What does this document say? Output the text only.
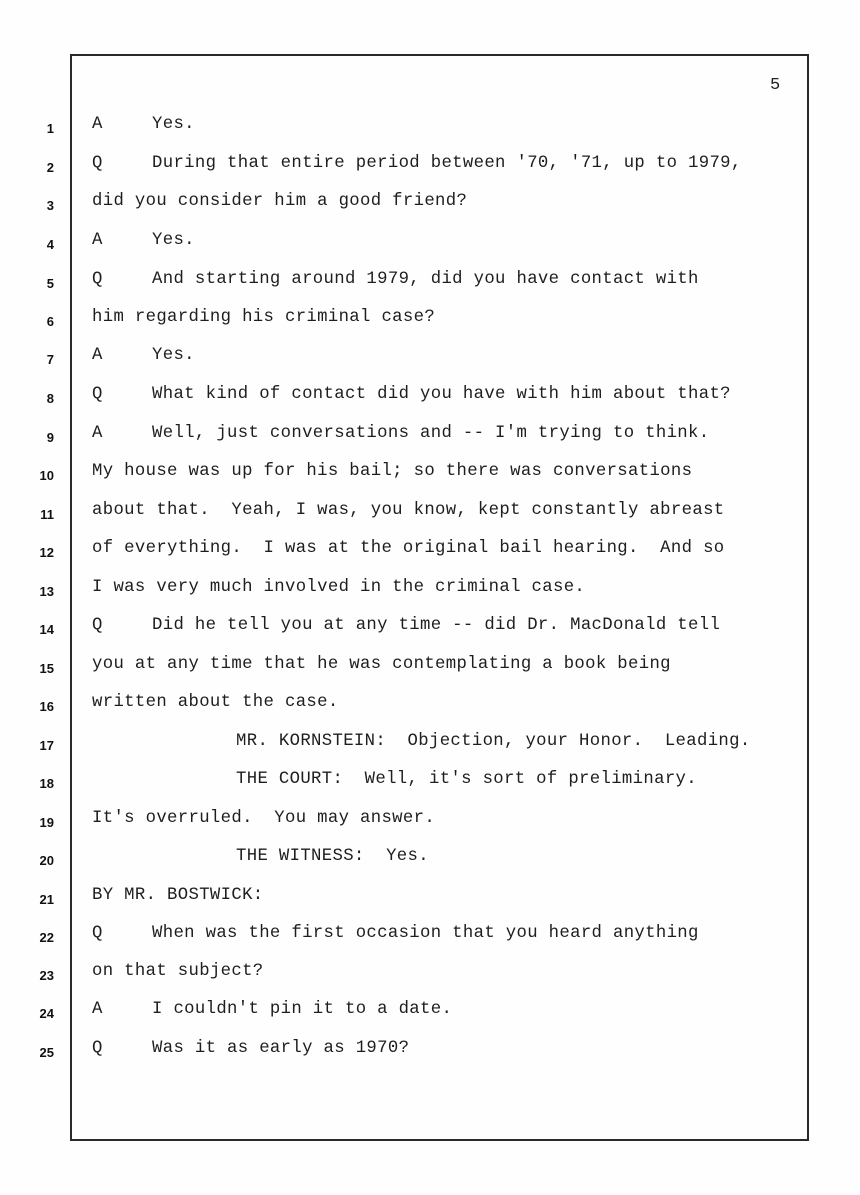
5
1 A	Yes.
2 Q	During that entire period between '70, '71, up to 1979,
3 did you consider him a good friend?
4 A	Yes.
5 Q	And starting around 1979, did you have contact with
6 him regarding his criminal case?
7 A	Yes.
8 Q	What kind of contact did you have with him about that?
9 A	Well, just conversations and -- I'm trying to think.
10 My house was up for his bail; so there was conversations
11 about that.  Yeah, I was, you know, kept constantly abreast
12 of everything.  I was at the original bail hearing.  And so
13 I was very much involved in the criminal case.
14 Q	Did he tell you at any time -- did Dr. MacDonald tell
15 you at any time that he was contemplating a book being
16 written about the case.
17	MR. KORNSTEIN:  Objection, your Honor.  Leading.
18	THE COURT:  Well, it's sort of preliminary.
19 It's overruled.  You may answer.
20	THE WITNESS:  Yes.
21 BY MR. BOSTWICK:
22 Q	When was the first occasion that you heard anything
23 on that subject?
24 A	I couldn't pin it to a date.
25 Q	Was it as early as 1970?
